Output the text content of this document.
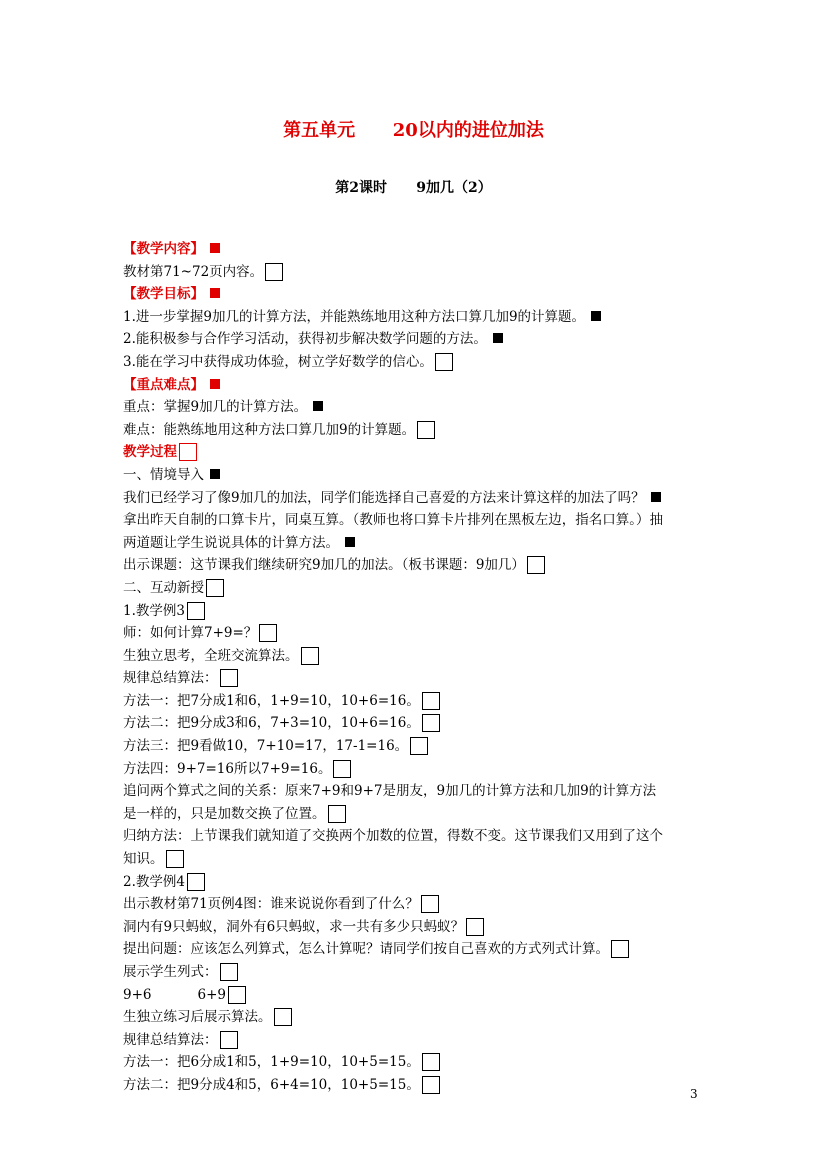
第五单元      20以内的进位加法
第2课时      9加几（2）
【教学内容】
教材第71~72页内容。
【教学目标】
1.进一步掌握9加几的计算方法，并能熟练地用这种方法口算几加9的计算题。
2.能积极参与合作学习活动，获得初步解决数学问题的方法。
3.能在学习中获得成功体验，树立学好数学的信心。
【重点难点】
重点：掌握9加几的计算方法。
难点：能熟练地用这种方法口算几加9的计算题。
教学过程
一、情境导入
我们已经学习了像9加几的加法，同学们能选择自己喜爱的方法来计算这样的加法了吗？
拿出昨天自制的口算卡片，同桌互算。（教师也将口算卡片排列在黑板左边，指名口算。）抽
两道题让学生说说具体的计算方法。
出示课题：这节课我们继续研究9加几的加法。（板书课题：9加几）
二、互动新授
1.教学例3
师：如何计算7+9=？
生独立思考，全班交流算法。
规律总结算法：
方法一：把7分成1和6，1+9=10，10+6=16。
方法二：把9分成3和6，7+3=10，10+6=16。
方法三：把9看做10，7+10=17，17-1=16。
方法四：9+7=16所以7+9=16。
追问两个算式之间的关系：原来7+9和9+7是朋友，9加几的计算方法和几加9的计算方法
是一样的，只是加数交换了位置。
归纳方法：上节课我们就知道了交换两个加数的位置，得数不变。这节课我们又用到了这个
知识。
2.教学例4
出示教材第71页例4图：谁来说说你看到了什么？
洞内有9只蚂蚁，洞外有6只蚂蚁，求一共有多少只蚂蚁？
提出问题：应该怎么列算式，怎么计算呢？请同学们按自己喜欢的方式列式计算。
展示学生列式：
9+6	6+9
生独立练习后展示算法。
规律总结算法：
方法一：把6分成1和5，1+9=10，10+5=15。
方法二：把9分成4和5，6+4=10，10+5=15。
3
